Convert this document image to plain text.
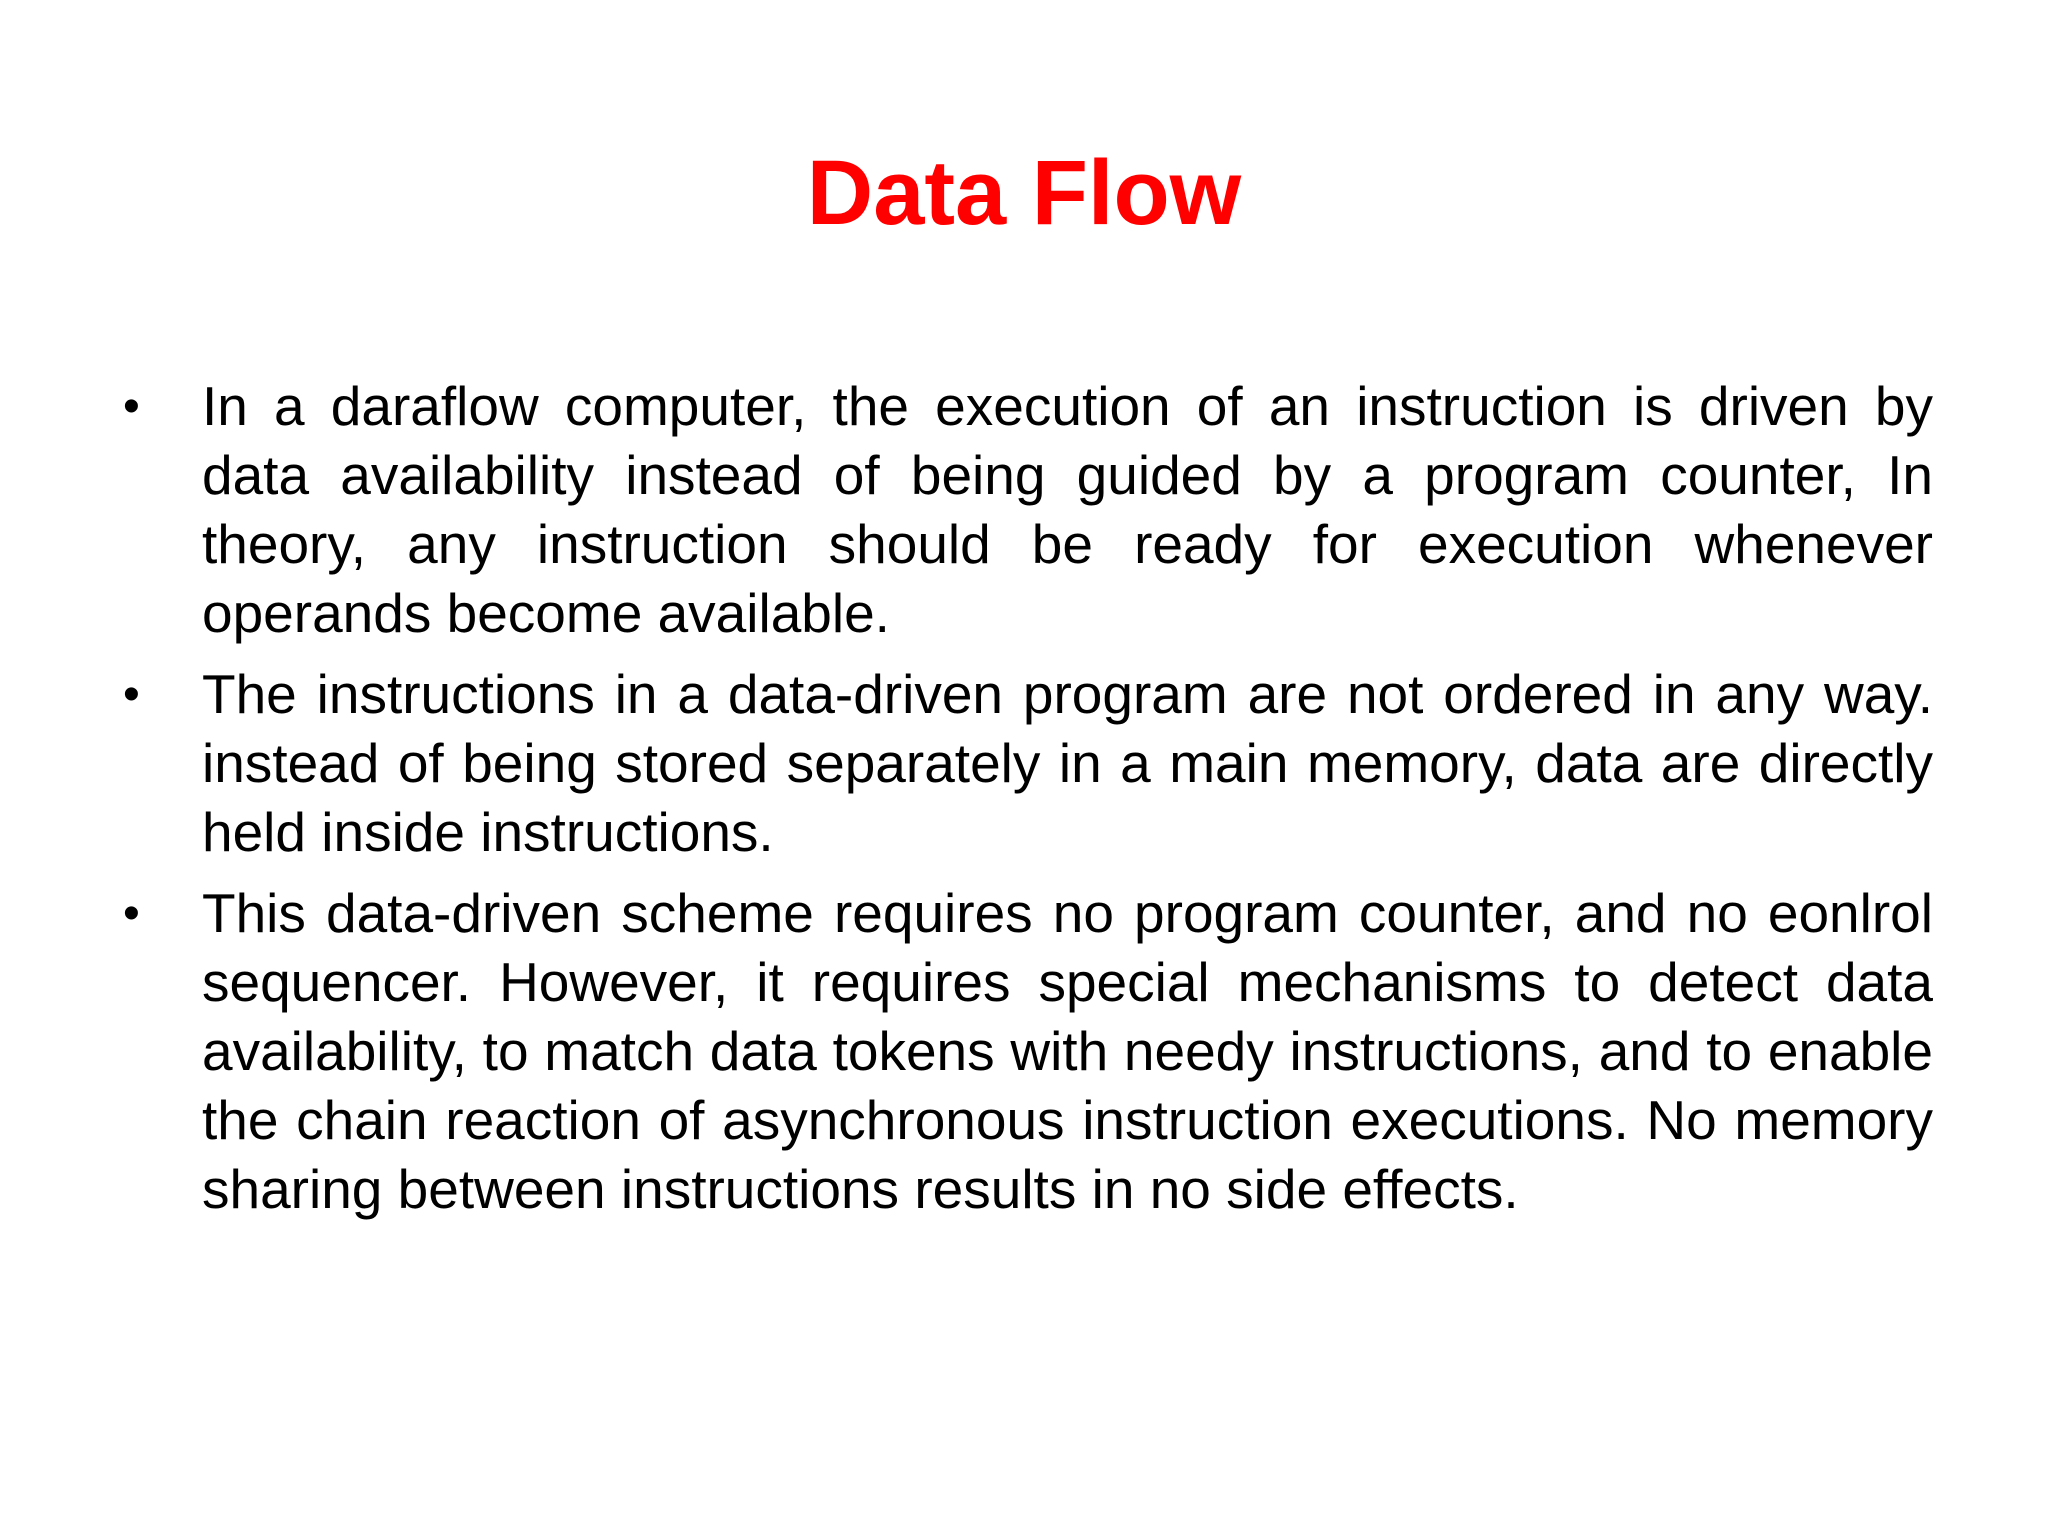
Data Flow
•	In a daraflow computer, the execution of an instruction is driven by data availability instead of being guided by a program counter, In theory, any instruction should be ready for execution whenever operands become available.
•	The instructions in a data-driven program are not ordered in any way. instead of being stored separately in a main memory, data are directly held inside instructions.
•	This data-driven scheme requires no program counter, and no eonlrol sequencer. However, it requires special mechanisms to detect data availability, to match data tokens with needy instructions, and to enable the chain reaction of asynchronous instruction executions. No memory sharing between instructions results in no side effects.
